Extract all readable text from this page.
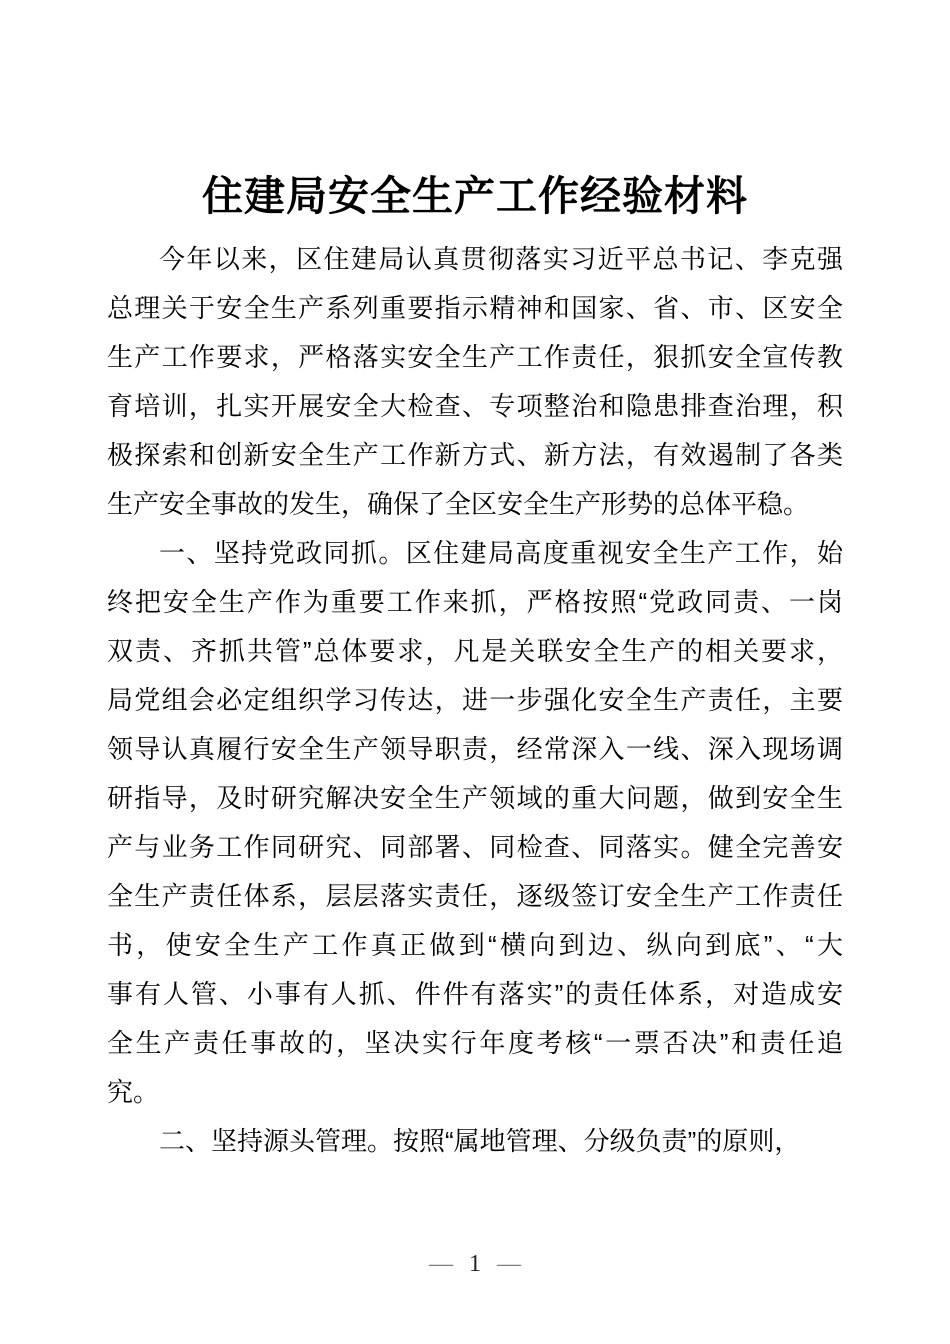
住建局安全生产工作经验材料
今年以来，区住建局认真贯彻落实习近平总书记、李克强
总理关于安全生产系列重要指示精神和国家、省、市、区安全
生产工作要求，严格落实安全生产工作责任，狠抓安全宣传教
育培训，扎实开展安全大检查、专项整治和隐患排查治理，积
极探索和创新安全生产工作新方式、新方法，有效遏制了各类
生产安全事故的发生，确保了全区安全生产形势的总体平稳。
一、坚持党政同抓。区住建局高度重视安全生产工作，始
终把安全生产作为重要工作来抓，严格按照“党政同责、一岗
双责、齐抓共管”总体要求，凡是关联安全生产的相关要求，
局党组会必定组织学习传达，进一步强化安全生产责任，主要
领导认真履行安全生产领导职责，经常深入一线、深入现场调
研指导，及时研究解决安全生产领域的重大问题，做到安全生
产与业务工作同研究、同部署、同检查、同落实。健全完善安
全生产责任体系，层层落实责任，逐级签订安全生产工作责任
书，使安全生产工作真正做到“横向到边、纵向到底”、“大
事有人管、小事有人抓、件件有落实”的责任体系，对造成安
全生产责任事故的，坚决实行年度考核“一票否决”和责任追
究。
二、坚持源头管理。按照“属地管理、分级负责”的原则，
— 1 —
